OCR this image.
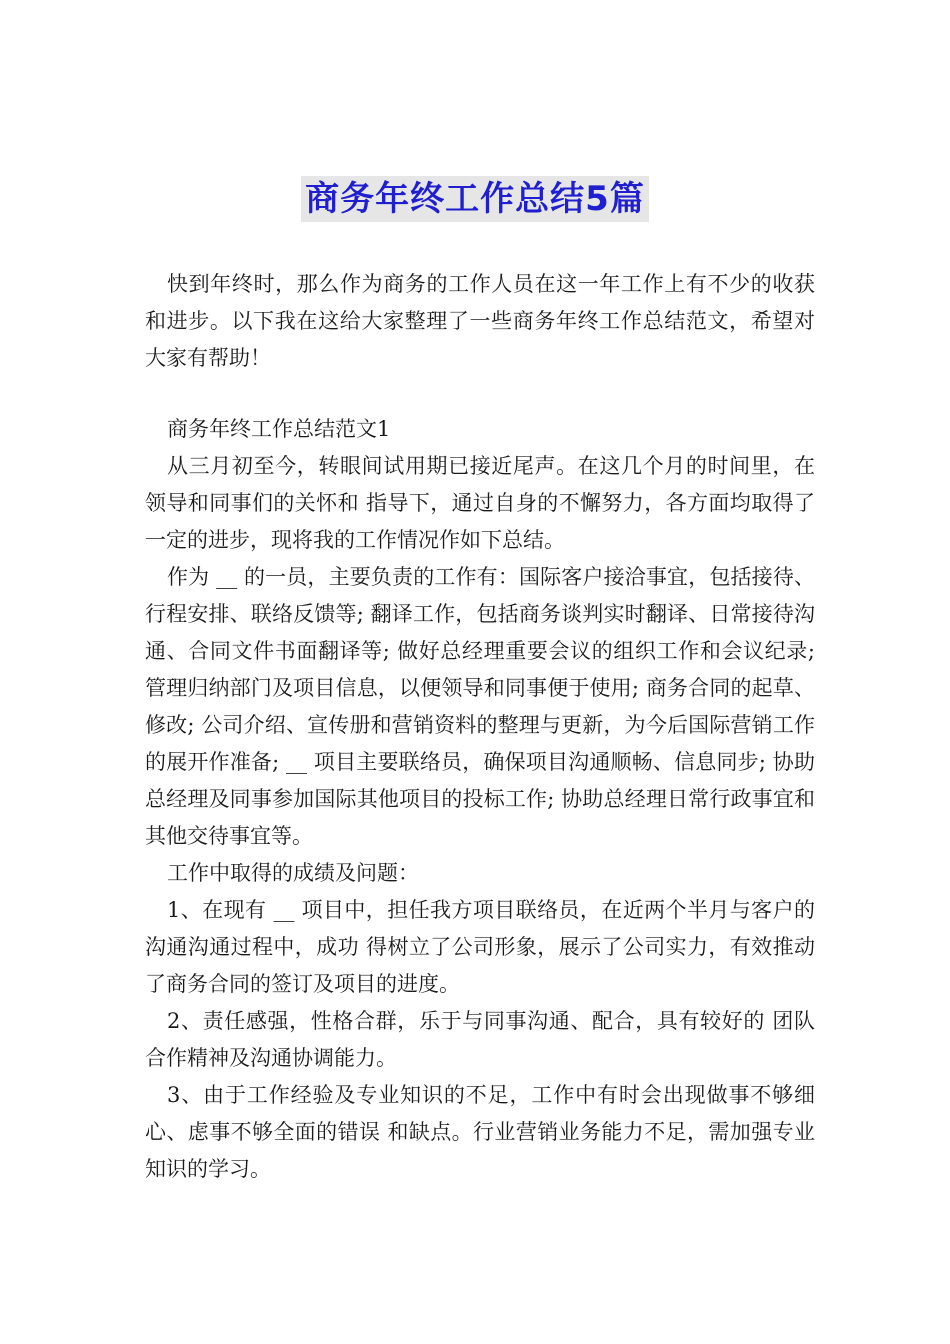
商务年终工作总结5篇

快到年终时，那么作为商务的工作人员在这一年工作上有不少的收获和进步。以下我在这给大家整理了一些商务年终工作总结范文，希望对大家有帮助！

商务年终工作总结范文1

从三月初至今，转眼间试用期已接近尾声。在这几个月的时间里，在领导和同事们的关怀和 指导下，通过自身的不懈努力，各方面均取得了一定的进步，现将我的工作情况作如下总结。

作为 __ 的一员，主要负责的工作有：国际客户接洽事宜，包括接待、行程安排、联络反馈等; 翻译工作，包括商务谈判实时翻译、日常接待沟通、合同文件书面翻译等; 做好总经理重要会议的组织工作和会议纪录; 管理归纳部门及项目信息，以便领导和同事便于使用; 商务合同的起草、修改; 公司介绍、宣传册和营销资料的整理与更新，为今后国际营销工作的展开作准备; __ 项目主要联络员，确保项目沟通顺畅、信息同步; 协助总经理及同事参加国际其他项目的投标工作; 协助总经理日常行政事宜和其他交待事宜等。

工作中取得的成绩及问题：

1、在现有 __ 项目中，担任我方项目联络员，在近两个半月与客户的沟通沟通过程中，成功 得树立了公司形象，展示了公司实力，有效推动了商务合同的签订及项目的进度。

2、责任感强，性格合群，乐于与同事沟通、配合，具有较好的 团队合作精神及沟通协调能力。

3、由于工作经验及专业知识的不足，工作中有时会出现做事不够细心、虑事不够全面的错误 和缺点。行业营销业务能力不足，需加强专业知识的学习。
